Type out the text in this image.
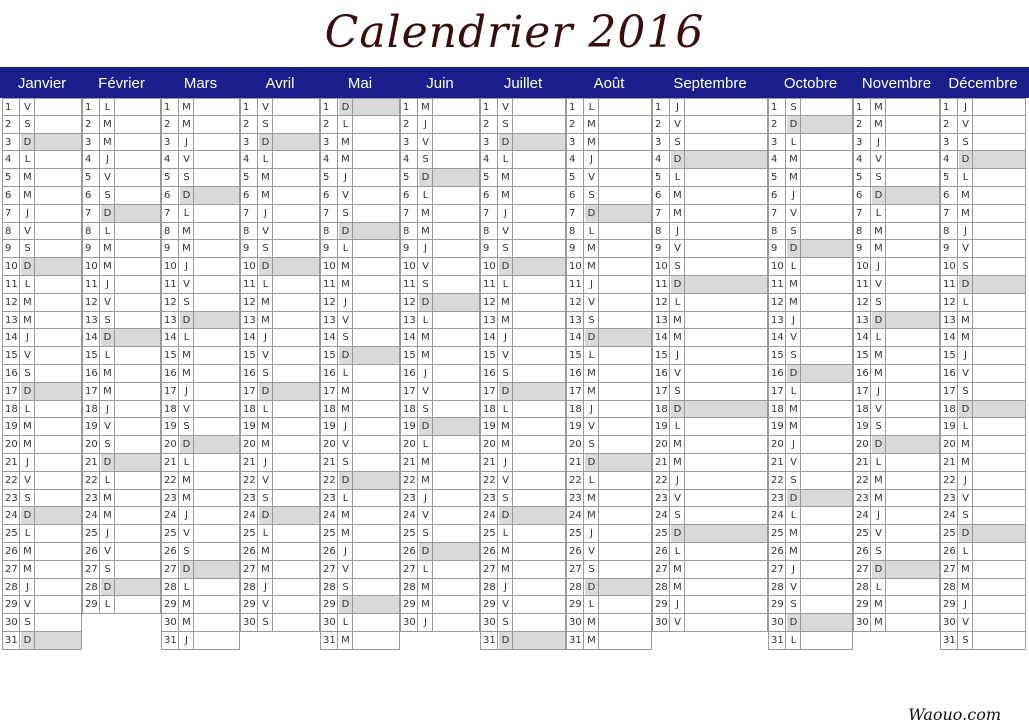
Calendrier 2016
Janvier	Février	Mars	Avril	Mai	Juin	Juillet	Août	Septembre	Octobre	Novembre	Décembre
1	V
2	S
3	D
4	L
5	M
6	M
7	J
8	V
9	S
10 D
11 L
12 M
13 M
14 J
15 V
16 S
17 D
18 L
19 M
20 M
21 J
22 V
23 S
24 D
25 L
26 M
27 M
28 J
29 V
30 S
31 D
1	L
2	M
3	M
4	J
5	V
6	S
7	D
8	L
9	M
10 M
11 J
12 V
13 S
14 D
15 L
16 M
17 M
18 J
19 V
20 S
21 D
22 L
23 M
24 M
25 J
26 V
27 S
28 D
29 L
1	M
2	M
3	J
4	V
5	S
6	D
7	L
8	M
9	M
10 J
11 V
12 S
13 D
14 L
15 M
16 M
17 J
18 V
19 S
20 D
21 L
22 M
23 M
24 J
25 V
26 S
27 D
28 L
29 M
30 M
31 J
1	V
2	S
3	D
4	L
5	M
6	M
7	J
8	V
9	S
10 D
11 L
12 M
13 M
14 J
15 V
16 S
17 D
18 L
19 M
20 M
21 J
22 V
23 S
24 D
25 L
26 M
27 M
28 J
29 V
30 S
1	D
2	L
3	M
4	M
5	J
6	V
7	S
8	D
9	L
10 M
11 M
12 J
13 V
14 S
15 D
16 L
17 M
18 M
19 J
20 V
21 S
22 D
23 L
24 M
25 M
26 J
27 V
28 S
29 D
30 L
31 M
1	M
2	J
3	V
4	S
5	D
6	L
7	M
8	M
9	J
10 V
11 S
12 D
13 L
14 M
15 M
16 J
17 V
18 S
19 D
20 L
21 M
22 M
23 J
24 V
25 S
26 D
27 L
28 M
29 M
30 J
1	V
2	S
3	D
4	L
5	M
6	M
7	J
8	V
9	S
10 D
11 L
12 M
13 M
14 J
15 V
16 S
17 D
18 L
19 M
20 M
21 J
22 V
23 S
24 D
25 L
26 M
27 M
28 J
29 V
30 S
31 D
1	L
2	M
3	M
4	J
5	V
6	S
7	D
8	L
9	M
10 M
11 J
12 V
13 S
14 D
15 L
16 M
17 M
18 J
19 V
20 S
21 D
22 L
23 M
24 M
25 J
26 V
27 S
28 D
29 L
30 M
31 M
1	J
2	V
3	S
4	D
5	L
6	M
7	M
8	J
9	V
10 S
11 D
12 L
13 M
14 M
15 J
16 V
17 S
18 D
19 L
20 M
21 M
22 J
23 V
24 S
25 D
26 L
27 M
28 M
29 J
30 V
1	S
2	D
3	L
4	M
5	M
6	J
7	V
8	S
9	D
10 L
11 M
12 M
13 J
14 V
15 S
16 D
17 L
18 M
19 M
20 J
21 V
22 S
23 D
24 L
25 M
26 M
27 J
28 V
29 S
30 D
31 L
1	M
2	M
3	J
4	V
5	S
6	D
7	L
8	M
9	M
10 J
11 V
12 S
13 D
14 L
15 M
16 M
17 J
18 V
19 S
20 D
21 L
22 M
23 M
24 J
25 V
26 S
27 D
28 L
29 M
30 M
1	J
2	V
3	S
4	D
5	L
6	M
7	M
8	J
9	V
10 S
11 D
12 L
13 M
14 M
15 J
16 V
17 S
18 D
19 L
20 M
21 M
22 J
23 V
24 S
25 D
26 L
27 M
28 M
29 J
30 V
31 S
Waouo.com
